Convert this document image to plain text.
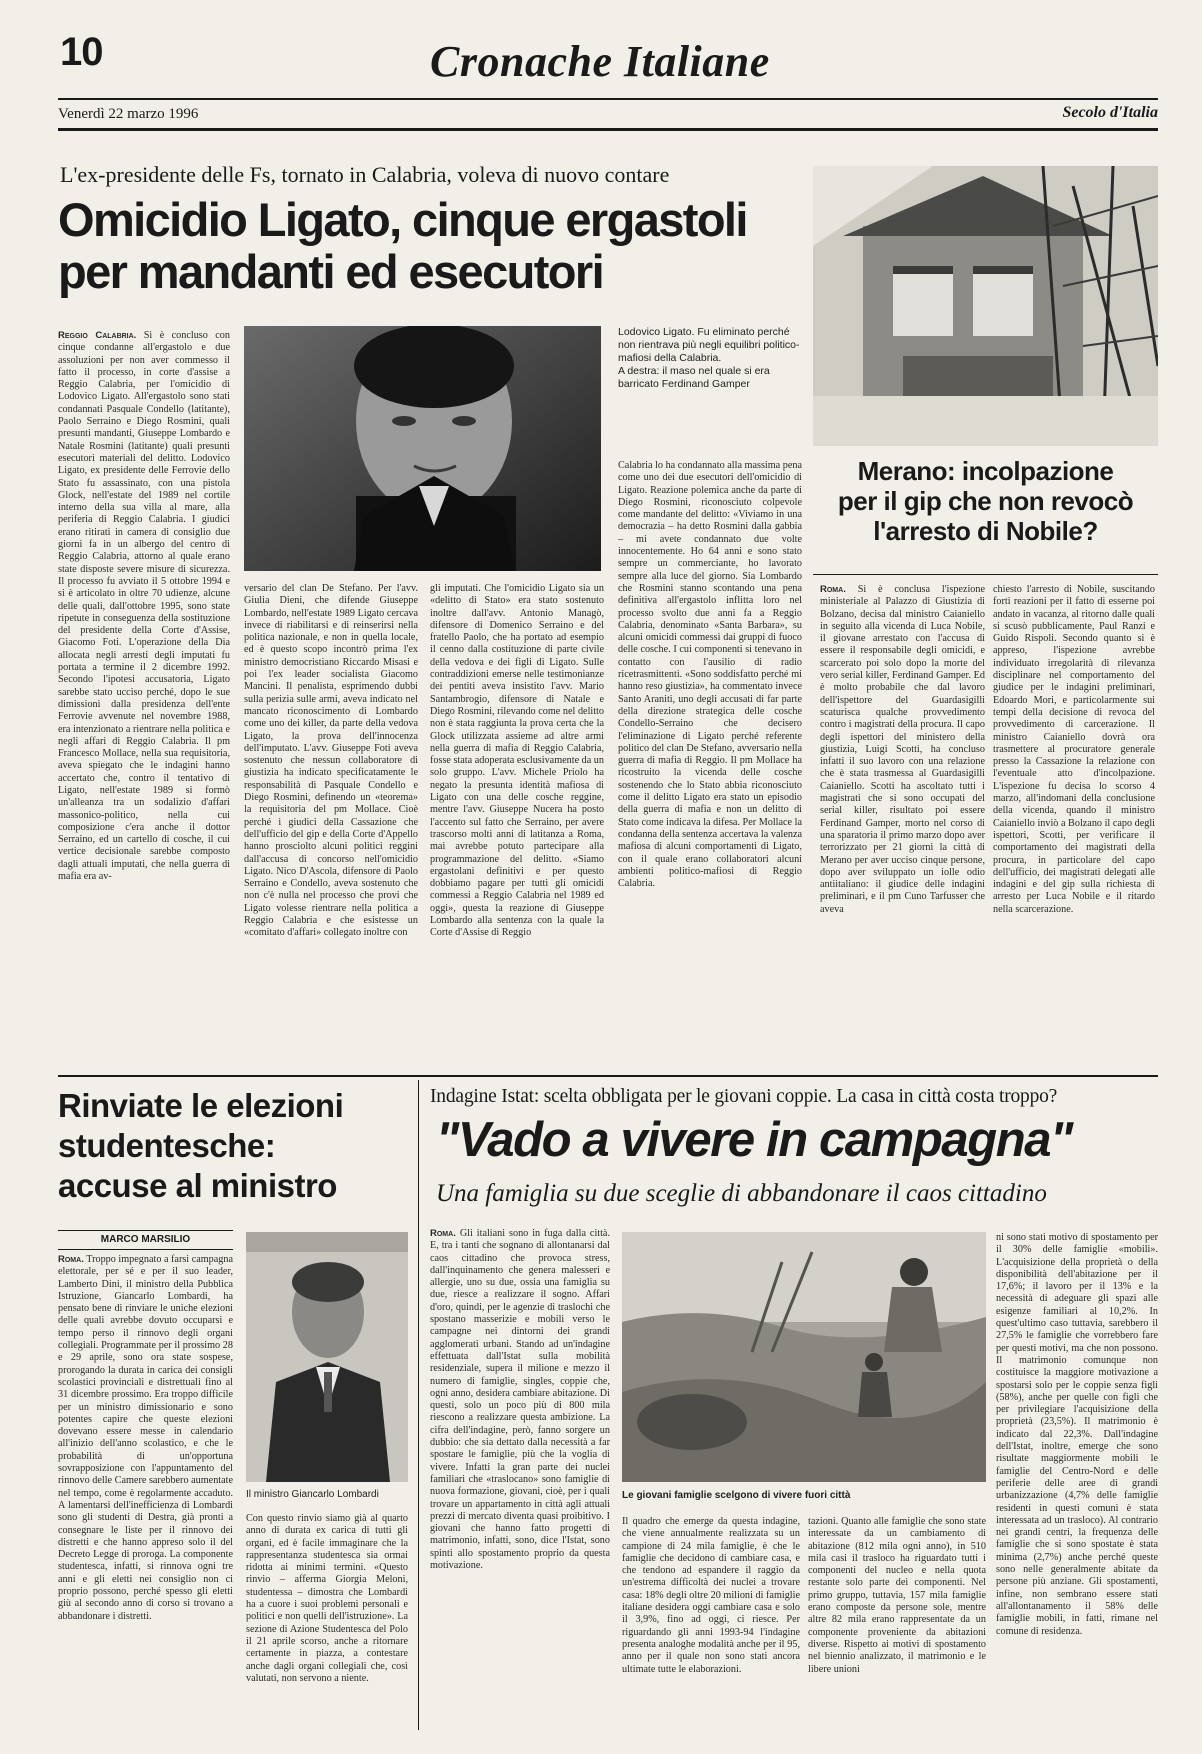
10	Cronache Italiane
Venerdì 22 marzo 1996	Secolo d'Italia
L'ex-presidente delle Fs, tornato in Calabria, voleva di nuovo contare
Omicidio Ligato, cinque ergastoli
per mandanti ed esecutori
Reggio Calabria. Si è concluso con cinque condanne all'ergastolo e due assoluzioni per non aver commesso il fatto il processo, in corte d'assise a Reggio Calabria, per l'omicidio di Lodovico Ligato. All'ergastolo sono stati condannati Pasquale Condello (latitante), Paolo Serraino e Diego Rosmini, quali presunti mandanti, Giuseppe Lombardo e Natale Rosmini (latitante) quali presunti esecutori materiali del delitto. Lodovico Ligato, ex presidente delle Ferrovie dello Stato fu assassinato, con una pistola Glock, nell'estate del 1989 nel cortile interno della sua villa al mare, alla periferia di Reggio Calabria. I giudici erano ritirati in camera di consiglio due giorni fa in un albergo del centro di Reggio Calabria, attorno al quale erano state disposte severe misure di sicurezza. Il processo fu avviato il 5 ottobre 1994 e si è articolato in oltre 70 udienze, alcune delle quali, dall'ottobre 1995, sono state ripetute in conseguenza della sostituzione del presidente della Corte d'Assise, Giacomo Foti. L'operazione della Dia allocata negli arresti degli imputati fu portata a termine il 2 dicembre 1992. Secondo l'ipotesi accusatoria, Ligato sarebbe stato ucciso perché, dopo le sue dimissioni dalla presidenza dell'ente Ferrovie avvenute nel novembre 1988, era intenzionato a rientrare nella politica e negli affari di Reggio Calabria. Il pm Francesco Mollace, nella sua requisitoria, aveva spiegato che le indagini hanno accertato che, contro il tentativo di Ligato, nell'estate 1989 si formò un'alleanza tra un sodalizio d'affari massonico-politico, nella cui composizione c'era anche il dottor Serraino, ed un cartello di cosche, il cui vertice decisionale sarebbe composto dagli attuali imputati, che nella guerra di mafia era av-
Lodovico Ligato. Fu eliminato perché non rientrava più negli equilibri politico-mafiosi della Calabria.
A destra: il maso nel quale si era barricato Ferdinand Gamper
versario del clan De Stefano. Per l'avv. Giulia Dieni, che difende Giuseppe Lombardo, nell'estate 1989 Ligato cercava invece di riabilitarsi e di reinserirsi nella politica nazionale, e non in quella locale, ed è questo scopo incontrò prima l'ex ministro democristiano Riccardo Misasi e poi l'ex leader socialista Giacomo Mancini. Il penalista, esprimendo dubbi sulla perizia sulle armi, aveva indicato nel mancato riconoscimento di Lombardo come uno dei killer, da parte della vedova Ligato, la prova dell'innocenza dell'imputato. L'avv. Giuseppe Foti aveva sostenuto che nessun collaboratore di giustizia ha indicato specificatamente le responsabilità di Pasquale Condello e Diego Rosmini, definendo un «teorema» la requisitoria del pm Mollace. Cioè perché i giudici della Cassazione che dell'ufficio del gip e della Corte d'Appello hanno prosciolto alcuni politici reggini dall'accusa di concorso nell'omicidio Ligato. Nico D'Ascola, difensore di Paolo Serraino e Condello, aveva sostenuto che non c'è nulla nel processo che provi che Ligato volesse rientrare nella politica a Reggio Calabria e che esistesse un «comitato d'affari» collegato inoltre con
gli imputati. Che l'omicidio Ligato sia un «delitto di Stato» era stato sostenuto inoltre dall'avv. Antonio Managò, difensore di Domenico Serraino e del fratello Paolo, che ha portato ad esempio il cenno dalla costituzione di parte civile della vedova e dei figli di Ligato. Sulle contraddizioni emerse nelle testimonianze dei pentiti aveva insistito l'avv. Mario Santambrogio, difensore di Natale e Diego Rosmini, rilevando come nel delitto non è stata raggiunta la prova certa che la Glock utilizzata assieme ad altre armi nella guerra di mafia di Reggio Calabria, fosse stata adoperata esclusivamente da un solo gruppo. L'avv. Michele Priolo ha negato la presunta identità mafiosa di Ligato con una delle cosche reggine, mentre l'avv. Giuseppe Nucera ha posto l'accento sul fatto che Serraino, per avere trascorso molti anni di latitanza a Roma, mai avrebbe potuto partecipare alla programmazione del delitto. «Siamo ergastolani definitivi e per questo dobbiamo pagare per tutti gli omicidi commessi a Reggio Calabria nel 1989 ed oggi», questa la reazione di Giuseppe Lombardo alla sentenza con la quale la Corte d'Assise di Reggio
Calabria lo ha condannato alla massima pena come uno dei due esecutori dell'omicidio di Ligato. Reazione polemica anche da parte di Diego Rosmini, riconosciuto colpevole come mandante del delitto: «Viviamo in una democrazia – ha detto Rosmini dalla gabbia – mi avete condannato due volte innocentemente. Ho 64 anni e sono stato sempre un commerciante, ho lavorato sempre alla luce del giorno. Sia Lombardo che Rosmini stanno scontando una pena definitiva all'ergastolo inflitta loro nel processo svolto due anni fa a Reggio Calabria, denominato «Santa Barbara», su alcuni omicidi commessi dai gruppi di fuoco delle cosche. I cui componenti si tenevano in contatto con l'ausilio di radio ricetrasmittenti. «Sono soddisfatto perché mi hanno reso giustizia», ha commentato invece Santo Araniti, uno degli accusati di far parte della direzione strategica delle cosche Condello-Serraino che decisero l'eliminazione di Ligato perché referente politico del clan De Stefano, avversario nella guerra di mafia di Reggio. Il pm Mollace ha ricostruito la vicenda delle cosche sostenendo che lo Stato abbia riconosciuto come il delitto Ligato era stato un episodio della guerra di mafia e non un delitto di Stato come indicava la difesa. Per Mollace la condanna della sentenza accertava la valenza mafiosa di alcuni comportamenti di Ligato, con il quale erano collaboratori alcuni ambienti politico-mafiosi di Reggio Calabria.
Merano: incolpazione
per il gip che non revocò
l'arresto di Nobile?
Roma. Si è conclusa l'ispezione ministeriale al Palazzo di Giustizia di Bolzano, decisa dal ministro Caianiello in seguito alla vicenda di Luca Nobile, il giovane arrestato con l'accusa di essere il responsabile degli omicidi, e scarcerato poi solo dopo la morte del vero serial killer, Ferdinand Gamper. Ed è molto probabile che dal lavoro dell'ispettore del Guardasigilli scaturisca qualche provvedimento contro i magistrati della procura. Il capo degli ispettori del ministero della giustizia, Luigi Scotti, ha concluso infatti il suo lavoro con una relazione che è stata trasmessa al Guardasigilli Caianiello. Scotti ha ascoltato tutti i magistrati che si sono occupati del serial killer, risultato poi essere Ferdinand Gamper, morto nel corso di una sparatoria il primo marzo dopo aver terrorizzato per 21 giorni la città di Merano per aver ucciso cinque persone, dopo aver sviluppato un iolle odio antiitaliano: il giudice delle indagini preliminari, e il pm Cuno Tarfusser che aveva
chiesto l'arresto di Nobile, suscitando forti reazioni per il fatto di esserne poi andato in vacanza, al ritorno dalle quali si scusò pubblicamente, Paul Ranzi e Guido Rispoli. Secondo quanto si è appreso, l'ispezione avrebbe individuato irregolarità di rilevanza disciplinare nel comportamento del giudice per le indagini preliminari, Edoardo Mori, e particolarmente sui tempi della decisione di revoca del provvedimento di carcerazione. Il ministro Caianiello dovrà ora trasmettere al procuratore generale presso la Cassazione la relazione con l'eventuale atto d'incolpazione. L'ispezione fu decisa lo scorso 4 marzo, all'indomani della conclusione della vicenda, quando il ministro Caianiello inviò a Bolzano il capo degli ispettori, Scotti, per verificare il comportamento dei magistrati della procura, in particolare del capo dell'ufficio, dei magistrati delegati alle indagini e del gip sulla richiesta di arresto per Luca Nobile e il ritardo nella scarcerazione.
Rinviate le elezioni
studentesche:
accuse al ministro
MARCO MARSILIO
Roma. Troppo impegnato a farsi campagna elettorale, per sé e per il suo leader, Lamberto Dini, il ministro della Pubblica Istruzione, Giancarlo Lombardi, ha pensato bene di rinviare le uniche elezioni delle quali avrebbe dovuto occuparsi e tempo perso il rinnovo degli organi collegiali. Programmate per il prossimo 28 e 29 aprile, sono ora state sospese, prorogando la durata in carica dei consigli scolastici provinciali e distrettuali fino al 31 dicembre prossimo. Era troppo difficile per un ministro dimissionario e sono potentes capire che queste elezioni dovevano essere messe in calendario all'inizio dell'anno scolastico, e che le probabilità di un'opportuna sovrapposizione con l'appuntamento del rinnovo delle Camere sarebbero aumentate nel tempo, come è regolarmente accaduto. A lamentarsi dell'inefficienza di Lombardi sono gli studenti di Destra, già pronti a consegnare le liste per il rinnovo dei distretti e che hanno appreso solo il del Decreto Legge di proroga. La componente studentesca, infatti, si rinnova ogni tre anni e gli eletti nei consiglio non ci proprio possono, perché spesso gli eletti giù al secondo anno di corso si trovano a abbandonare i distretti.
Il ministro Giancarlo Lombardi
Con questo rinvio siamo già al quarto anno di durata ex carica di tutti gli organi, ed è facile immaginare che la rappresentanza studentesca sia ormai ridotta ai minimi termini. «Questo rinvio – afferma Giorgia Meloni, studentessa – dimostra che Lombardi ha a cuore i suoi problemi personali e politici e non quelli dell'istruzione». La sezione di Azione Studentesca del Polo il 21 aprile scorso, anche a ritornare certamente in piazza, a contestare anche dagli organi collegiali che, così valutati, non servono a niente.
Indagine Istat: scelta obbligata per le giovani coppie. La casa in città costa troppo?
"Vado a vivere in campagna"
Una famiglia su due sceglie di abbandonare il caos cittadino
Roma. Gli italiani sono in fuga dalla città. E, tra i tanti che sognano di allontanarsi dal caos cittadino che provoca stress, dall'inquinamento che genera malesseri e allergie, uno su due, ossia una famiglia su due, riesce a realizzare il sogno. Affari d'oro, quindi, per le agenzie di traslochi che spostano masserizie e mobili verso le campagne nei dintorni dei grandi agglomerati urbani. Stando ad un'indagine effettuata dall'Istat sulla mobilità residenziale, supera il milione e mezzo il numero di famiglie, singles, coppie che, ogni anno, desidera cambiare abitazione. Di questi, solo un poco più di 800 mila riescono a realizzare questa ambizione. La cifra dell'indagine, però, fanno sorgere un dubbio: che sia dettato dalla necessità a far spostare le famiglie, più che la voglia di vivere. Infatti la gran parte dei nuclei familiari che «traslocano» sono famiglie di nuova formazione, giovani, cioè, per i quali trovare un appartamento in città agli attuali prezzi di mercato diventa quasi proibitivo. I giovani che hanno fatto progetti di matrimonio, infatti, sono, dice l'Istat, sono spinti allo spostamento proprio da questa motivazione.
Le giovani famiglie scelgono di vivere fuori città
Il quadro che emerge da questa indagine, che viene annualmente realizzata su un campione di 24 mila famiglie, è che le famiglie che decidono di cambiare casa, e che tendono ad espandere il raggio da un'estrema difficoltà dei nuclei a trovare casa: 18% degli oltre 20 milioni di famiglie italiane desidera oggi cambiare casa e solo il 3,9%, fino ad oggi, ci riesce. Per riguardando gli anni 1993-94 l'indagine presenta analoghe modalità anche per il 95, anno per il quale non sono stati ancora ultimate tutte le elaborazioni.
tazioni. Quanto alle famiglie che sono state interessate da un cambiamento di abitazione (812 mila ogni anno), in 510 mila casi il trasloco ha riguardato tutti i componenti del nucleo e nella quota restante solo parte dei componenti. Nel primo gruppo, tuttavia, 157 mila famiglie erano composte da persone sole, mentre altre 82 mila erano rappresentate da un componente proveniente da abitazioni diverse. Rispetto ai motivi di spostamento nel biennio analizzato, il matrimonio e le libere unioni
ni sono stati motivo di spostamento per il 30% delle famiglie «mobili». L'acquisizione della proprietà o della disponibilità dell'abitazione per il 17,6%; il lavoro per il 13% e la necessità di adeguare gli spazi alle esigenze familiari al 10,2%. In quest'ultimo caso tuttavia, sarebbero il 27,5% le famiglie che vorrebbero fare per questi motivi, ma che non possono. Il matrimonio comunque non costituisce la maggiore motivazione a spostarsi solo per le coppie senza figli (58%), anche per quelle con figli che per privilegiare l'acquisizione della proprietà (23,5%). Il matrimonio è indicato dal 22,3%. Dall'indagine dell'Istat, inoltre, emerge che sono risultate maggiormente mobili le famiglie del Centro-Nord e delle periferie delle aree di grandi urbanizzazione (4,7% delle famiglie residenti in questi comuni è stata interessata ad un trasloco). Al contrario nei grandi centri, la frequenza delle famiglie che si sono spostate è stata minima (2,7%) anche perché queste sono nelle generalmente abitate da persone più anziane. Gli spostamenti, infine, non sembrano essere stati all'allontanamento il 58% delle famiglie mobili, in fatti, rimane nel comune di residenza.
